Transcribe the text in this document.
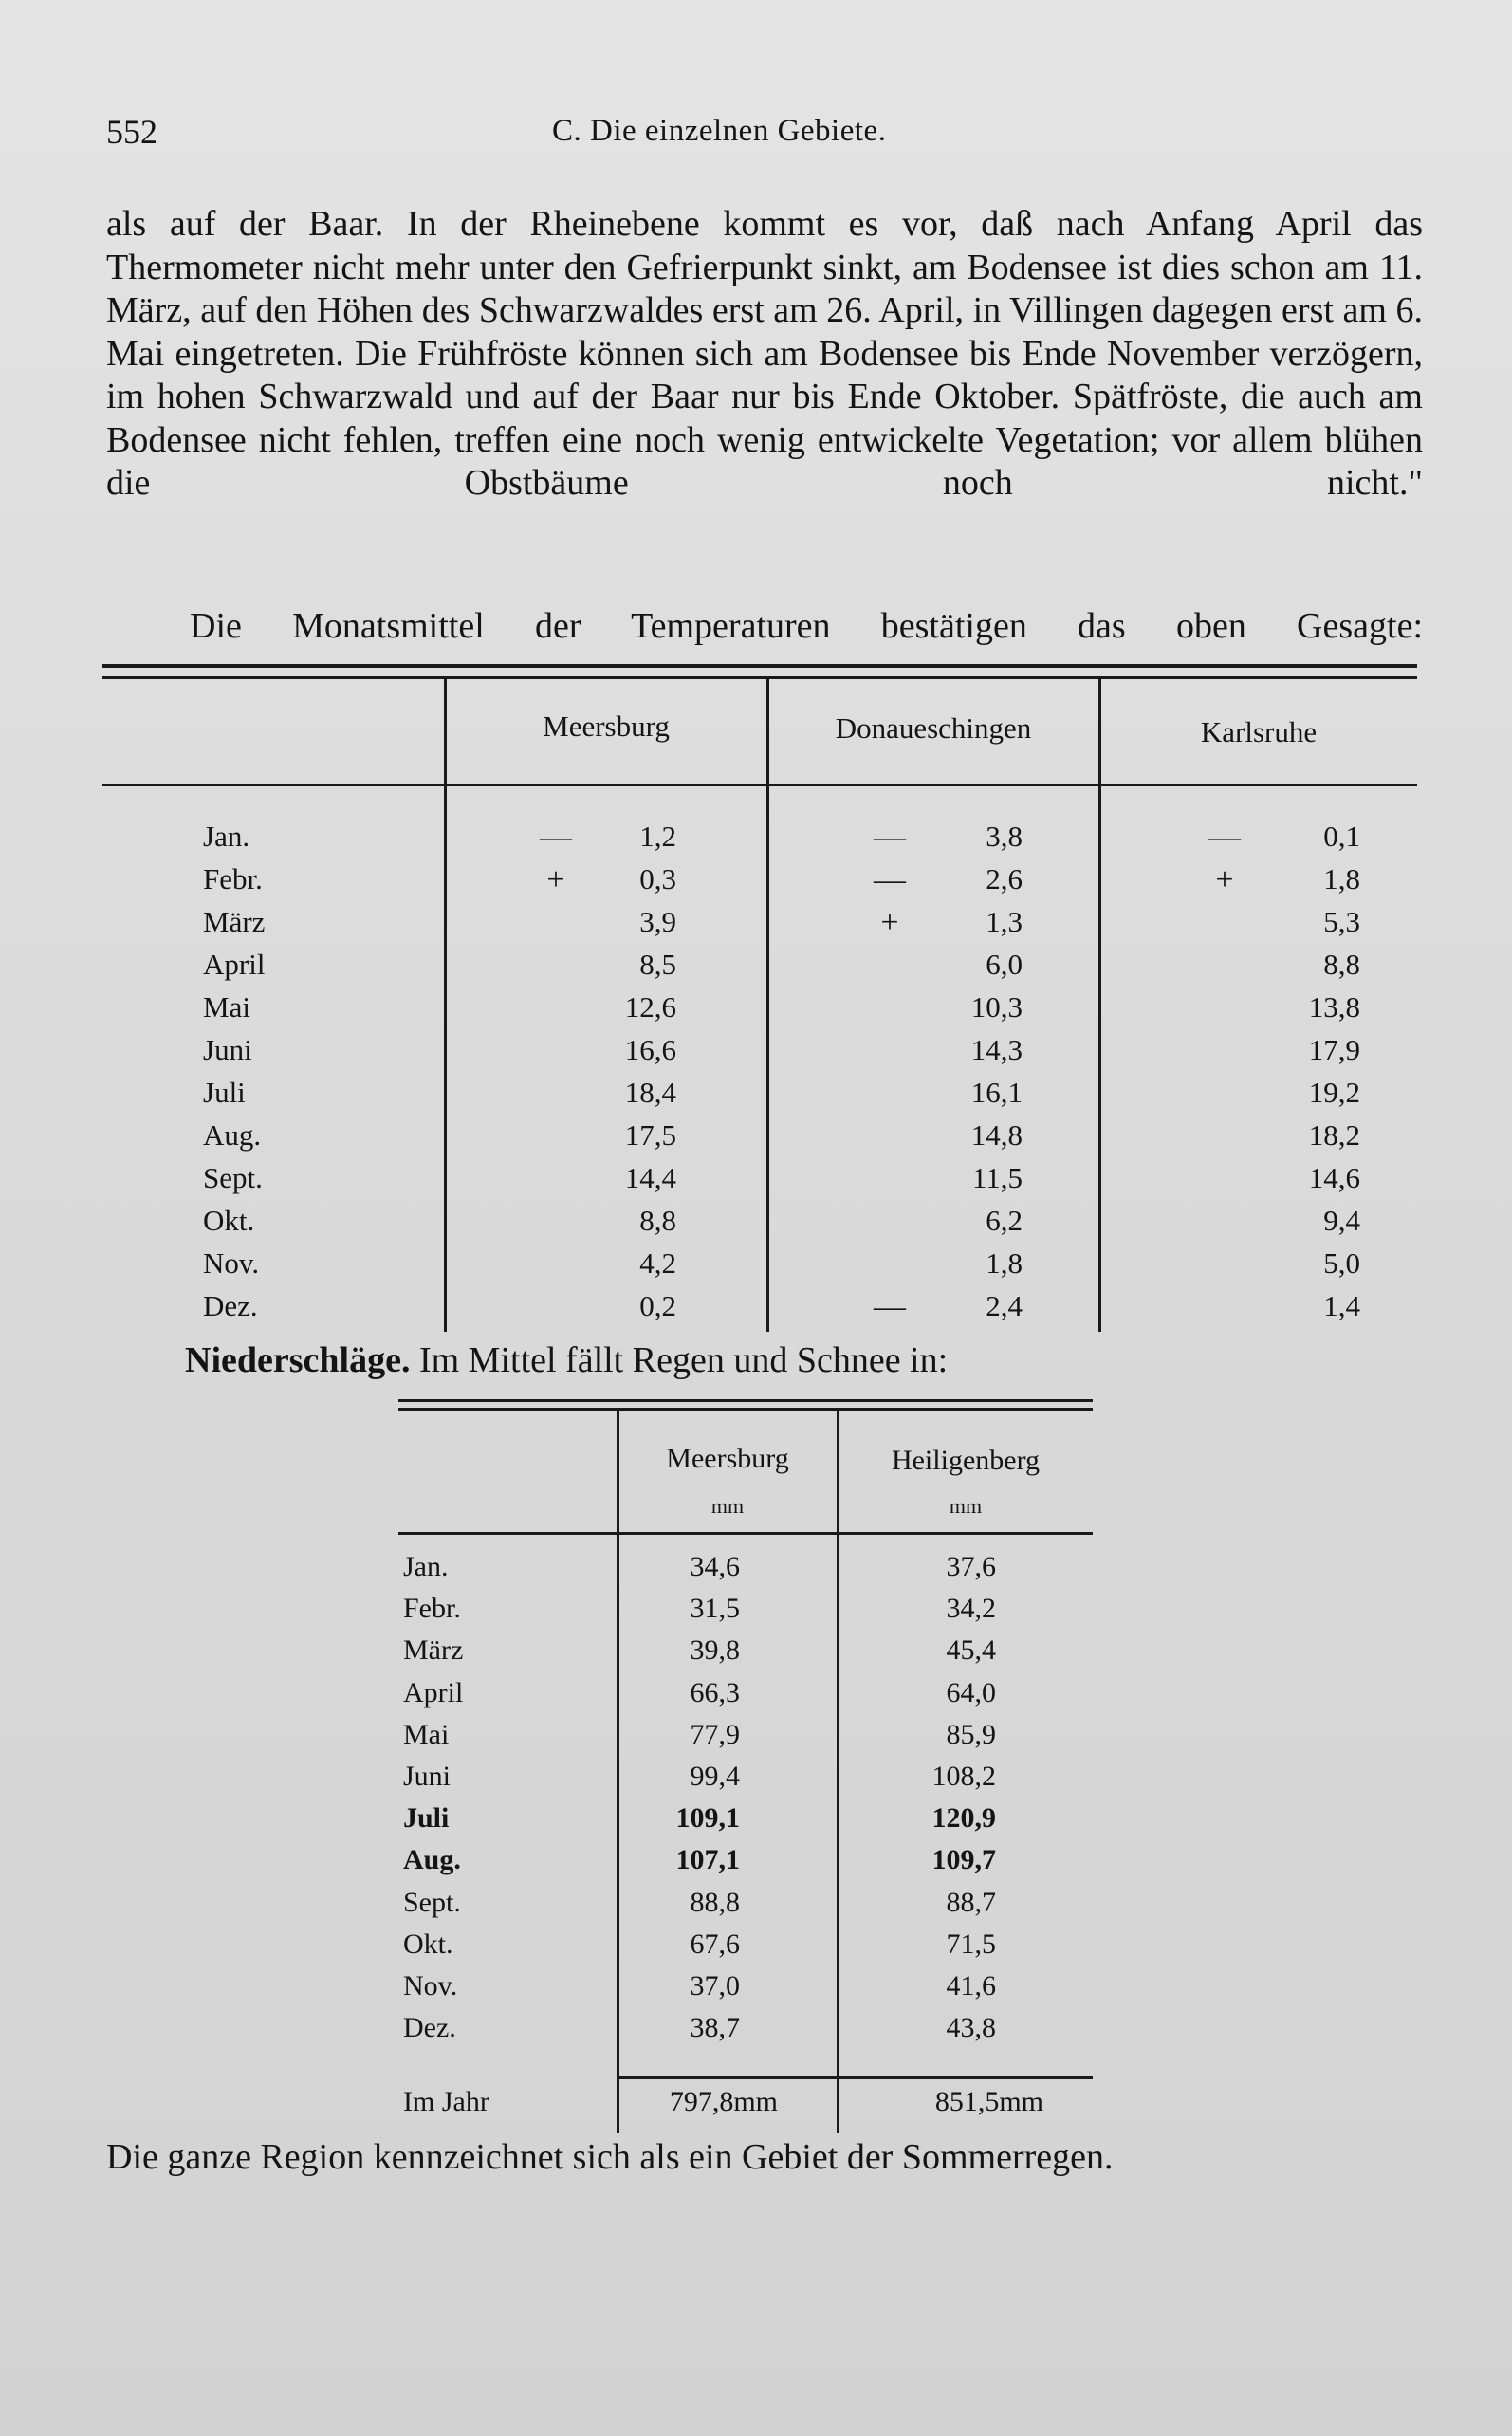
552	C. Die einzelnen Gebiete.
als auf der Baar. In der Rheinebene kommt es vor, daß nach Anfang April das Thermometer nicht mehr unter den Gefrierpunkt sinkt, am Bodensee ist dies schon am 11. März, auf den Höhen des Schwarzwaldes erst am 26. April, in Villingen dagegen erst am 6. Mai eingetreten. Die Frühfröste können sich am Bodensee bis Ende November verzögern, im hohen Schwarzwald und auf der Baar nur bis Ende Oktober. Spätfröste, die auch am Bodensee nicht fehlen, treffen eine noch wenig entwickelte Vegetation; vor allem blühen die Obstbäume noch nicht."
Die Monatsmittel der Temperaturen bestätigen das oben Gesagte:
Meersburg	Donaueschingen	Karlsruhe
Jan.	—	1,2	—	3,8	—	0,1
Febr.	+	0,3	—	2,6	+	1,8
März	3,9	+	1,3	5,3
April	8,5	6,0	8,8
Mai	12,6	10,3	13,8
Juni	16,6	14,3	17,9
Juli	18,4	16,1	19,2
Aug.	17,5	14,8	18,2
Sept.	14,4	11,5	14,6
Okt.	8,8	6,2	9,4
Nov.	4,2	1,8	5,0
Dez.	0,2	—	2,4	1,4
Niederschläge. Im Mittel fällt Regen und Schnee in:
Meersburg	Heiligenberg
mm	mm
Jan.	34,6	37,6
Febr.	31,5	34,2
März	39,8	45,4
April	66,3	64,0
Mai	77,9	85,9
Juni	99,4	108,2
Juli	109,1	120,9
Aug.	107,1	109,7
Sept.	88,8	88,7
Okt.	67,6	71,5
Nov.	37,0	41,6
Dez.	38,7	43,8
Im Jahr	797,8mm	851,5mm
Die ganze Region kennzeichnet sich als ein Gebiet der Sommerregen.
